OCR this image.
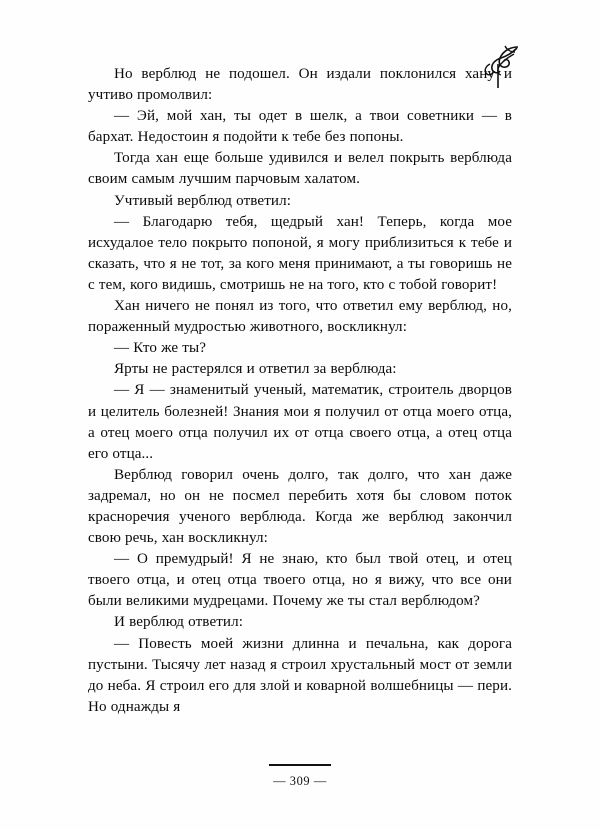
Но верблюд не подошел. Он издали поклонился хану и учтиво промолвил:

— Эй, мой хан, ты одет в шелк, а твои советники — в бархат. Недостоин я подойти к тебе без попоны.

Тогда хан еще больше удивился и велел покрыть верблюда своим самым лучшим парчовым халатом.

Учтивый верблюд ответил:

— Благодарю тебя, щедрый хан! Теперь, когда мое исхудалое тело покрыто попоной, я могу приблизиться к тебе и сказать, что я не тот, за кого меня принимают, а ты говоришь не с тем, кого видишь, смотришь не на того, кто с тобой говорит!

Хан ничего не понял из того, что ответил ему верблюд, но, пораженный мудростью животного, воскликнул:

— Кто же ты?

Ярты не растерялся и ответил за верблюда:

— Я — знаменитый ученый, математик, строитель дворцов и целитель болезней! Знания мои я получил от отца моего отца, а отец моего отца получил их от отца своего отца, а отец отца его отца...

Верблюд говорил очень долго, так долго, что хан даже задремал, но он не посмел перебить хотя бы словом поток красноречия ученого верблюда. Когда же верблюд закончил свою речь, хан воскликнул:

— О премудрый! Я не знаю, кто был твой отец, и отец твоего отца, и отец отца твоего отца, но я вижу, что все они были великими мудрецами. Почему же ты стал верблюдом?

И верблюд ответил:

— Повесть моей жизни длинна и печальна, как дорога пустыни. Тысячу лет назад я строил хрустальный мост от земли до неба. Я строил его для злой и коварной волшебницы — пери. Но однажды я

— 309 —
